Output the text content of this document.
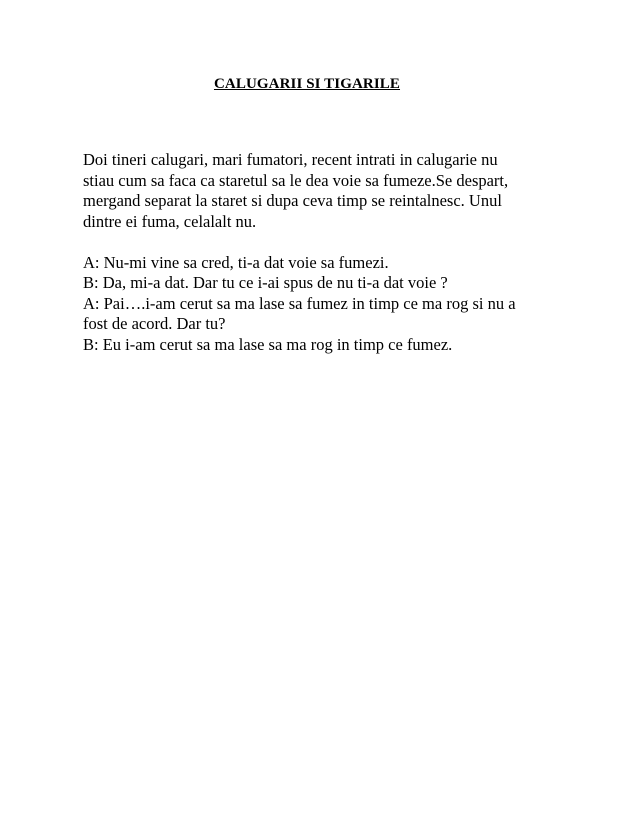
CALUGARII SI TIGARILE

Doi tineri calugari, mari fumatori, recent intrati in calugarie nu
stiau cum sa faca ca staretul sa le dea voie sa fumeze.Se despart,
mergand separat la staret si dupa ceva timp se reintalnesc. Unul
dintre ei fuma, celalalt nu.

A: Nu-mi vine sa cred, ti-a dat voie sa fumezi.
B: Da, mi-a dat. Dar tu ce i-ai spus de nu ti-a dat voie ?
A: Pai….i-am cerut sa ma lase sa fumez in timp ce ma rog si nu a
fost de acord. Dar tu?
B: Eu i-am cerut sa ma lase sa ma rog in timp ce fumez.
